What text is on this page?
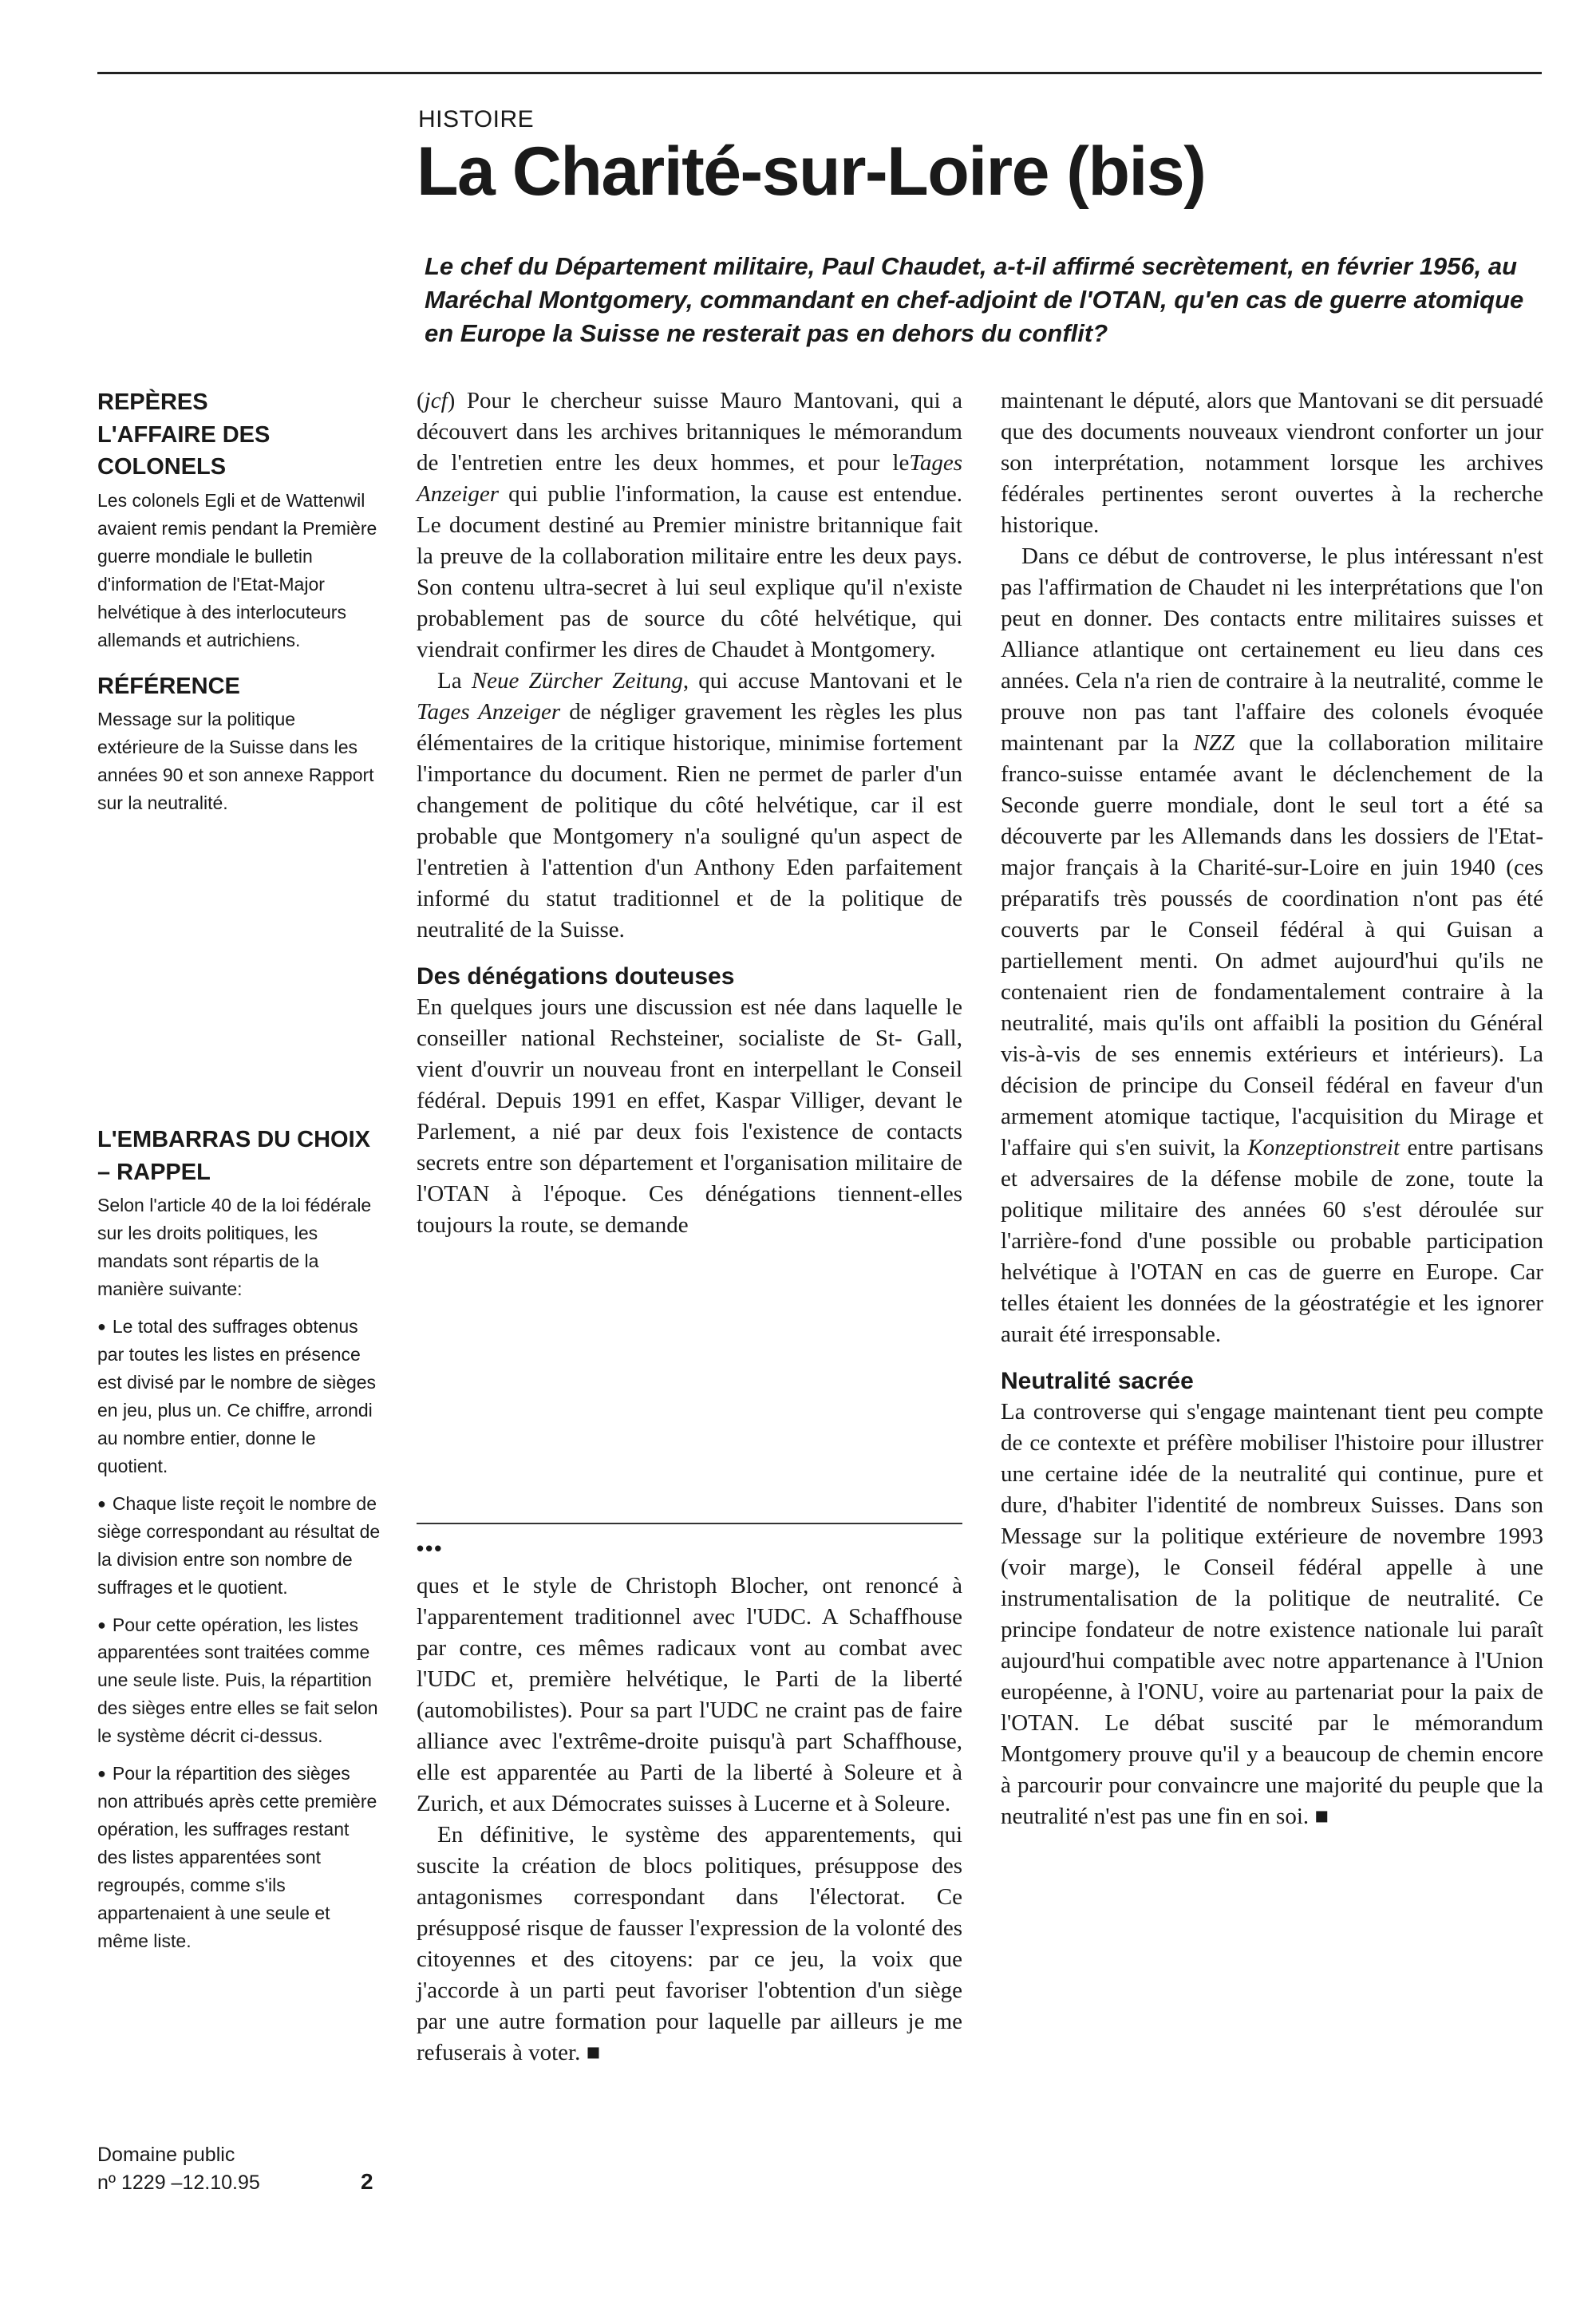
HISTOIRE
La Charité-sur-Loire (bis)

Le chef du Département militaire, Paul Chaudet, a-t-il affirmé secrètement, en février 1956, au Maréchal Montgomery, commandant en chef-adjoint de l'OTAN, qu'en cas de guerre atomique en Europe la Suisse ne resterait pas en dehors du conflit?

REPÈRES
L'AFFAIRE DES COLONELS

Les colonels Egli et de Wattenwil avaient remis pendant la Première guerre mondiale le bulletin d'information de l'Etat-Major helvétique à des interlocuteurs allemands et autrichiens.

RÉFÉRENCE

Message sur la politique extérieure de la Suisse dans les années 90 et son annexe Rapport sur la neutralité.

L'EMBARRAS DU CHOIX – RAPPEL

Selon l'article 40 de la loi fédérale sur les droits politiques, les mandats sont répartis de la manière suivante:

● Le total des suffrages obtenus par toutes les listes en présence est divisé par le nombre de sièges en jeu, plus un. Ce chiffre, arrondi au nombre entier, donne le quotient.

● Chaque liste reçoit le nombre de siège correspondant au résultat de la division entre son nombre de suffrages et le quotient.

● Pour cette opération, les listes apparentées sont traitées comme une seule liste. Puis, la répartition des sièges entre elles se fait selon le système décrit ci-dessus.

● Pour la répartition des sièges non attribués après cette première opération, les suffrages restant des listes apparentées sont regroupés, comme s'ils appartenaient à une seule et même liste.

Domaine public
nº 1229 –12.10.95	2

(jcf) Pour le chercheur suisse Mauro Mantovani, qui a découvert dans les archives britanniques le mémorandum de l'entretien entre les deux hommes, et pour leTages Anzeiger qui publie l'information, la cause est entendue. Le document destiné au Premier ministre britannique fait la preuve de la collaboration militaire entre les deux pays. Son contenu ultra-secret à lui seul explique qu'il n'existe probablement pas de source du côté helvétique, qui viendrait confirmer les dires de Chaudet à Montgomery.

La Neue Zürcher Zeitung, qui accuse Mantovani et le Tages Anzeiger de négliger gravement les règles les plus élémentaires de la critique historique, minimise fortement l'importance du document. Rien ne permet de parler d'un changement de politique du côté helvétique, car il est probable que Montgomery n'a souligné qu'un aspect de l'entretien à l'attention d'un Anthony Eden parfaitement informé du statut traditionnel et de la politique de neutralité de la Suisse.

Des dénégations douteuses

En quelques jours une discussion est née dans laquelle le conseiller national Rechsteiner, socialiste de St- Gall, vient d'ouvrir un nouveau front en interpellant le Conseil fédéral. Depuis 1991 en effet, Kaspar Villiger, devant le Parlement, a nié par deux fois l'existence de contacts secrets entre son département et l'organisation militaire de l'OTAN à l'époque. Ces dénégations tiennent-elles toujours la route, se demande

•••

ques et le style de Christoph Blocher, ont renoncé à l'apparentement traditionnel avec l'UDC. A Schaffhouse par contre, ces mêmes radicaux vont au combat avec l'UDC et, première helvétique, le Parti de la liberté (automobilistes). Pour sa part l'UDC ne craint pas de faire alliance avec l'extrême-droite puisqu'à part Schaffhouse, elle est apparentée au Parti de la liberté à Soleure et à Zurich, et aux Démocrates suisses à Lucerne et à Soleure.

En définitive, le système des apparentements, qui suscite la création de blocs politiques, présuppose des antagonismes correspondant dans l'électorat. Ce présupposé risque de fausser l'expression de la volonté des citoyennes et des citoyens: par ce jeu, la voix que j'accorde à un parti peut favoriser l'obtention d'un siège par une autre formation pour laquelle par ailleurs je me refuserais à voter. ■

maintenant le député, alors que Mantovani se dit persuadé que des documents nouveaux viendront conforter un jour son interprétation, notamment lorsque les archives fédérales pertinentes seront ouvertes à la recherche historique.

Dans ce début de controverse, le plus intéressant n'est pas l'affirmation de Chaudet ni les interprétations que l'on peut en donner. Des contacts entre militaires suisses et Alliance atlantique ont certainement eu lieu dans ces années. Cela n'a rien de contraire à la neutralité, comme le prouve non pas tant l'affaire des colonels évoquée maintenant par la NZZ que la collaboration militaire franco-suisse entamée avant le déclenchement de la Seconde guerre mondiale, dont le seul tort a été sa découverte par les Allemands dans les dossiers de l'Etat-major français à la Charité-sur-Loire en juin 1940 (ces préparatifs très poussés de coordination n'ont pas été couverts par le Conseil fédéral à qui Guisan a partiellement menti. On admet aujourd'hui qu'ils ne contenaient rien de fondamentalement contraire à la neutralité, mais qu'ils ont affaibli la position du Général vis-à-vis de ses ennemis extérieurs et intérieurs). La décision de principe du Conseil fédéral en faveur d'un armement atomique tactique, l'acquisition du Mirage et l'affaire qui s'en suivit, la Konzeptionstreit entre partisans et adversaires de la défense mobile de zone, toute la politique militaire des années 60 s'est déroulée sur l'arrière-fond d'une possible ou probable participation helvétique à l'OTAN en cas de guerre en Europe. Car telles étaient les données de la géostratégie et les ignorer aurait été irresponsable.

Neutralité sacrée

La controverse qui s'engage maintenant tient peu compte de ce contexte et préfère mobiliser l'histoire pour illustrer une certaine idée de la neutralité qui continue, pure et dure, d'habiter l'identité de nombreux Suisses. Dans son Message sur la politique extérieure de novembre 1993 (voir marge), le Conseil fédéral appelle à une instrumentalisation de la politique de neutralité. Ce principe fondateur de notre existence nationale lui paraît aujourd'hui compatible avec notre appartenance à l'Union européenne, à l'ONU, voire au partenariat pour la paix de l'OTAN. Le débat suscité par le mémorandum Montgomery prouve qu'il y a beaucoup de chemin encore à parcourir pour convaincre une majorité du peuple que la neutralité n'est pas une fin en soi. ■
